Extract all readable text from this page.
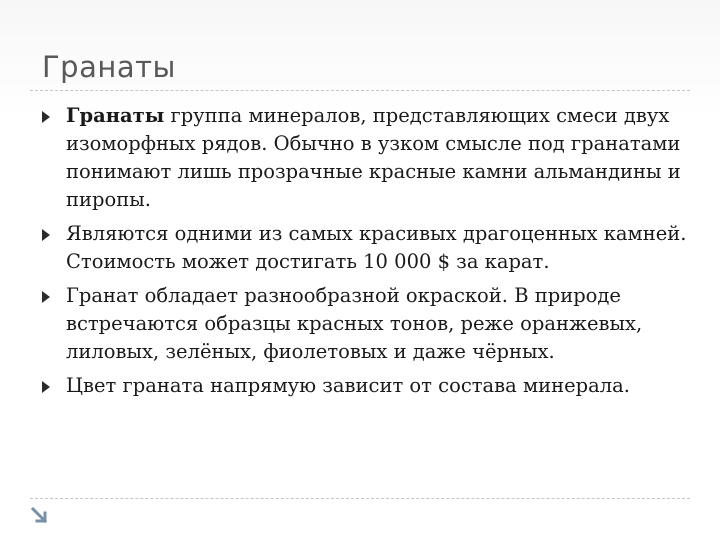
Гранаты
Гранаты группа минералов, представляющих смеси двух изоморфных рядов. Обычно в узком смысле под гранатами понимают лишь прозрачные красные камни альмандины и пиропы.
Являются одними из самых красивых драгоценных камней. Стоимость может достигать 10 000 $ за карат.
Гранат обладает разнообразной окраской. В природе встречаются образцы красных тонов, реже оранжевых, лиловых, зелёных, фиолетовых и даже чёрных.
Цвет граната напрямую зависит от состава минерала.
